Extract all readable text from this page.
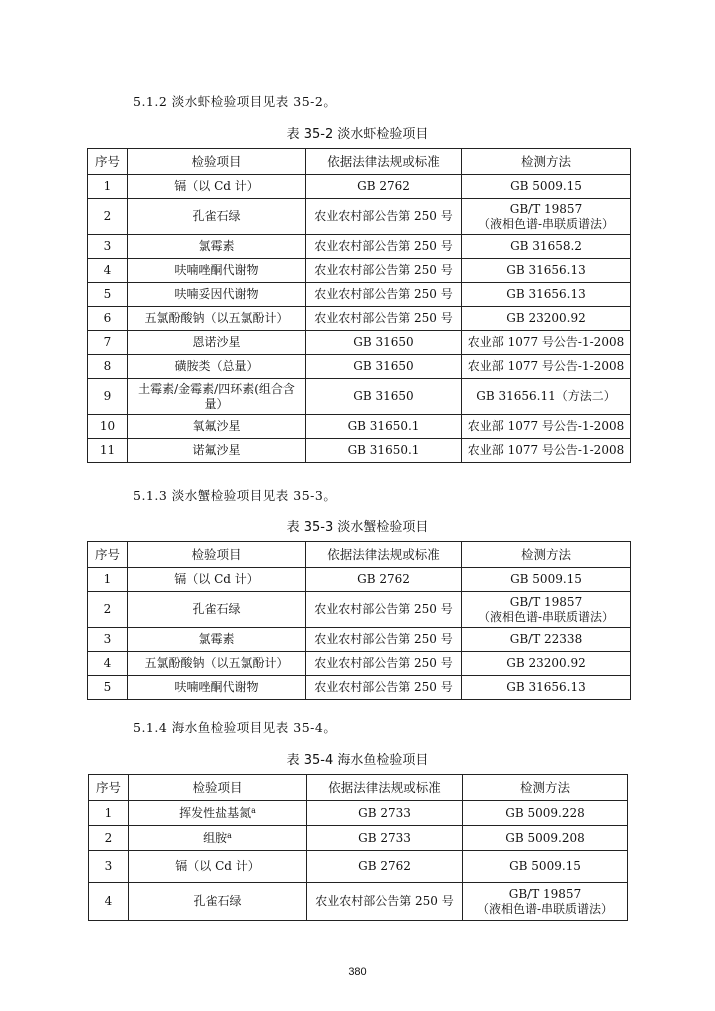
5.1.2 淡水虾检验项目见表 35-2。
表 35-2 淡水虾检验项目
序号	检验项目	依据法律法规或标准	检测方法
1	镉（以 Cd 计）	GB 2762	GB 5009.15
2	孔雀石绿	农业农村部公告第 250 号	GB/T 19857
（液相色谱-串联质谱法）

3	氯霉素	农业农村部公告第 250 号	GB 31658.2
4	呋喃唑酮代谢物	农业农村部公告第 250 号	GB 31656.13
5	呋喃妥因代谢物	农业农村部公告第 250 号	GB 31656.13
6	五氯酚酸钠（以五氯酚计）	农业农村部公告第 250 号	GB 23200.92
7	恩诺沙星	GB 31650	农业部 1077 号公告-1-2008
8	磺胺类（总量）	GB 31650	农业部 1077 号公告-1-2008
9	土霉素/金霉素/四环素(组合含
量）	GB 31650	GB 31656.11（方法二）
10	氧氟沙星	GB 31650.1	农业部 1077 号公告-1-2008
11	诺氟沙星	GB 31650.1	农业部 1077 号公告-1-2008
5.1.3 淡水蟹检验项目见表 35-3。
表 35-3 淡水蟹检验项目
序号	检验项目	依据法律法规或标准	检测方法
1	镉（以 Cd 计）	GB 2762	GB 5009.15
2	孔雀石绿	农业农村部公告第 250 号	GB/T 19857
（液相色谱-串联质谱法）

3	氯霉素	农业农村部公告第 250 号	GB/T 22338
4	五氯酚酸钠（以五氯酚计）	农业农村部公告第 250 号	GB 23200.92
5	呋喃唑酮代谢物	农业农村部公告第 250 号	GB 31656.13
5.1.4 海水鱼检验项目见表 35-4。
表 35-4 海水鱼检验项目
序号	检验项目	依据法律法规或标准	检测方法
1	挥发性盐基氮$^a$	GB 2733	GB 5009.228
2	组胺$^a$	GB 2733	GB 5009.208
3	镉（以 Cd 计）	GB 2762	GB 5009.15
4	孔雀石绿	农业农村部公告第 250 号	GB/T 19857
（液相色谱-串联质谱法）
380
